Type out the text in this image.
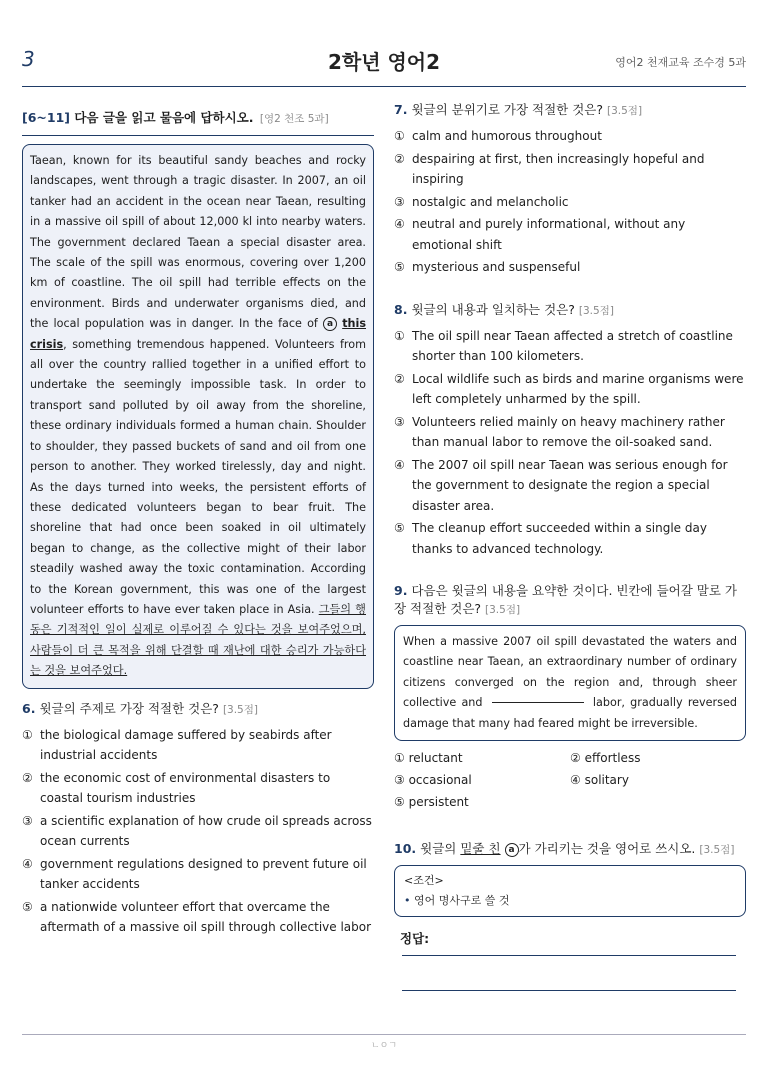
3	2학년 영어2	영어2 천재교육 조수경 5과
[6~11] 다음 글을 읽고 물음에 답하시오. [영2 천조 5과]
Taean, known for its beautiful sandy beaches and rocky landscapes, went through a tragic disaster. In 2007, an oil tanker had an accident in the ocean near Taean, resulting in a massive oil spill of about 12,000 kl into nearby waters. The government declared Taean a special disaster area. The scale of the spill was enormous, covering over 1,200 km of coastline. The oil spill had terrible effects on the environment. Birds and underwater organisms died, and the local population was in danger. In the face of a this crisis, something tremendous happened. Volunteers from all over the country rallied together in a unified effort to undertake the seemingly impossible task. In order to transport sand polluted by oil away from the shoreline, these ordinary individuals formed a human chain. Shoulder to shoulder, they passed buckets of sand and oil from one person to another. They worked tirelessly, day and night. As the days turned into weeks, the persistent efforts of these dedicated volunteers began to bear fruit. The shoreline that had once been soaked in oil ultimately began to change, as the collective might of their labor steadily washed away the toxic contamination. According to the Korean government, this was one of the largest volunteer efforts to have ever taken place in Asia. 그들의 행동은 기적적인 일이 실제로 이루어질 수 있다는 것을 보여주었으며, 사람들이 더 큰 목적을 위해 단결할 때 재난에 대한 승리가 가능하다는 것을 보여주었다.
6. 윗글의 주제로 가장 적절한 것은? [3.5점]
① the biological damage suffered by seabirds after industrial accidents
② the economic cost of environmental disasters to coastal tourism industries
③ a scientific explanation of how crude oil spreads across ocean currents
④ government regulations designed to prevent future oil tanker accidents
⑤ a nationwide volunteer effort that overcame the aftermath of a massive oil spill through collective labor
7. 윗글의 분위기로 가장 적절한 것은? [3.5점]
① calm and humorous throughout
② despairing at first, then increasingly hopeful and inspiring
③ nostalgic and melancholic
④ neutral and purely informational, without any emotional shift
⑤ mysterious and suspenseful
8. 윗글의 내용과 일치하는 것은? [3.5점]
① The oil spill near Taean affected a stretch of coastline shorter than 100 kilometers.
② Local wildlife such as birds and marine organisms were left completely unharmed by the spill.
③ Volunteers relied mainly on heavy machinery rather than manual labor to remove the oil-soaked sand.
④ The 2007 oil spill near Taean was serious enough for the government to designate the region a special disaster area.
⑤ The cleanup effort succeeded within a single day thanks to advanced technology.
9. 다음은 윗글의 내용을 요약한 것이다. 빈칸에 들어갈 말로 가장 적절한 것은? [3.5점]
When a massive 2007 oil spill devastated the waters and coastline near Taean, an extraordinary number of ordinary citizens converged on the region and, through sheer collective and	labor, gradually reversed damage that many had feared might be irreversible.
① reluctant	② effortless
③ occasional	④ solitary
⑤ persistent
10. 윗글의 밑줄 친 a 가 가리키는 것을 영어로 쓰시오. [3.5점]
<조건>
• 영어 명사구로 쓸 것
정답:
ㄴㅇㄱ
